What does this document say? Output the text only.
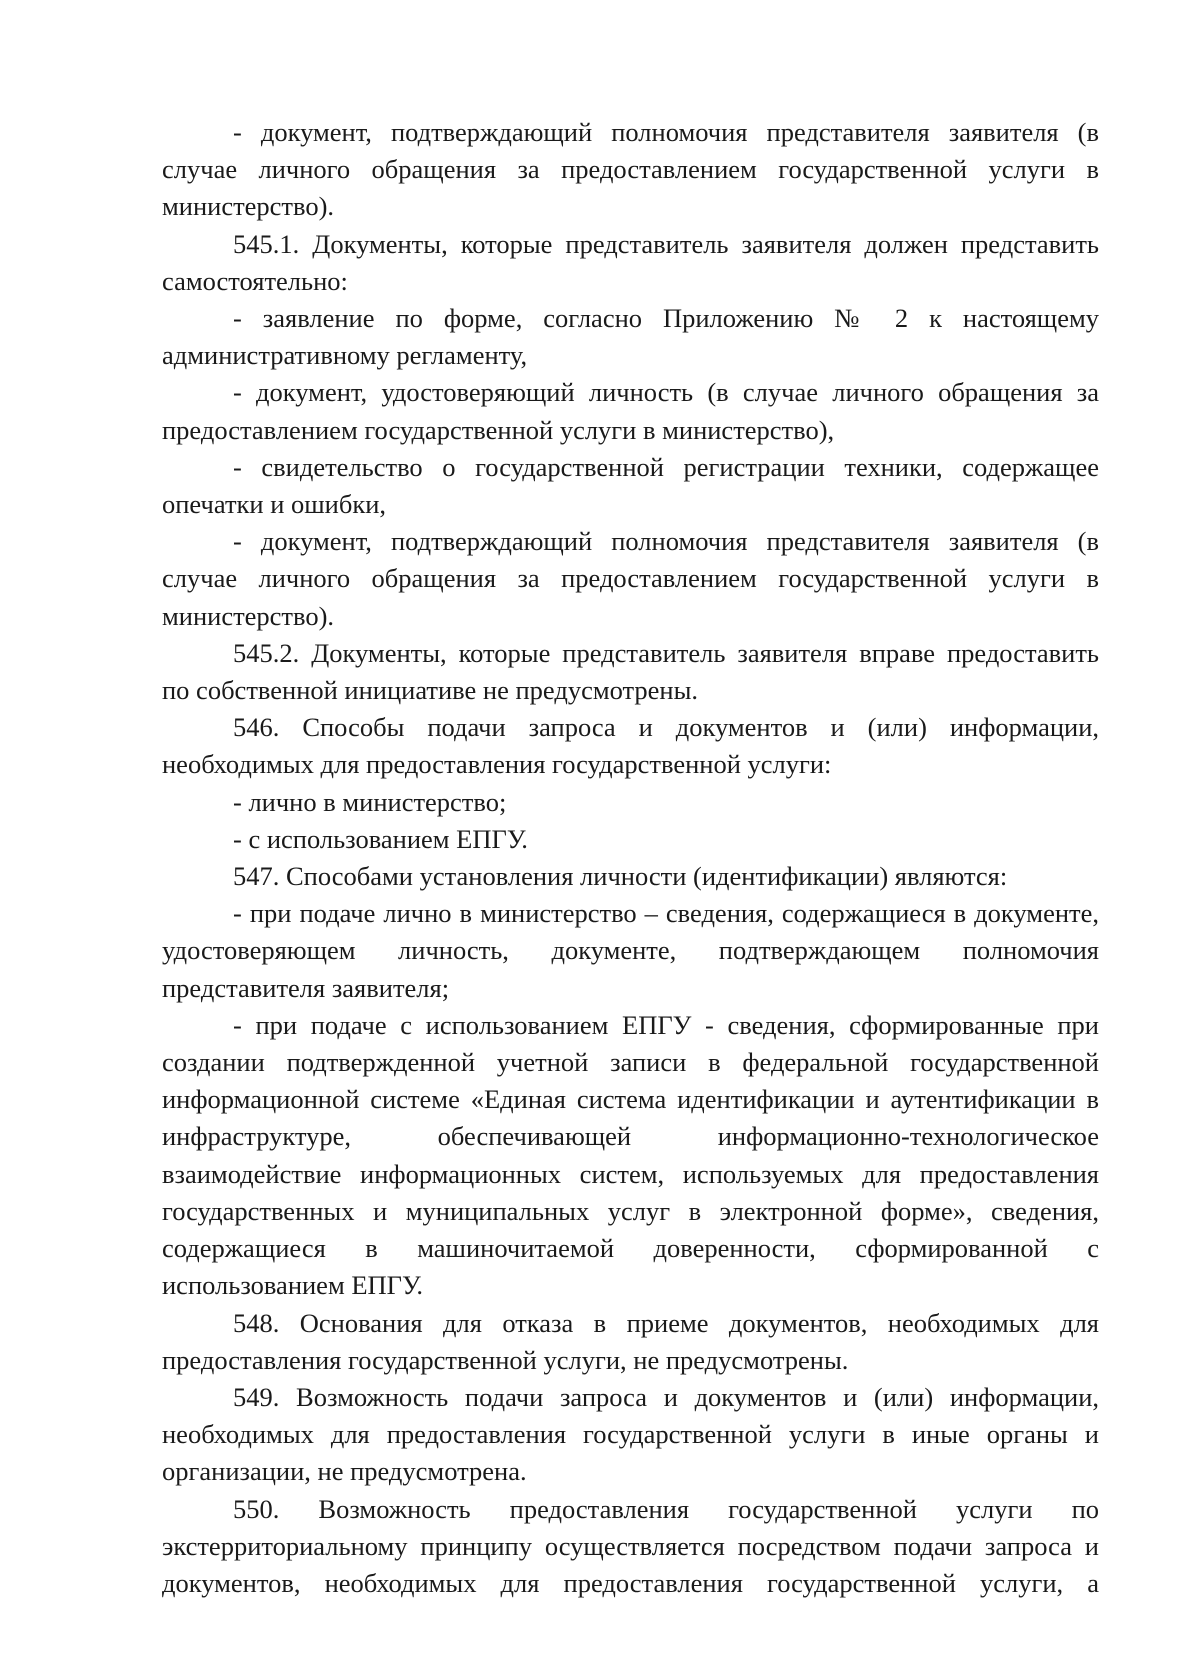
- документ, подтверждающий полномочия представителя заявителя (в случае личного обращения за предоставлением государственной услуги в министерство).

545.1. Документы, которые представитель заявителя должен представить самостоятельно:

- заявление по форме, согласно Приложению № 2 к настоящему административному регламенту,

- документ, удостоверяющий личность (в случае личного обращения за предоставлением государственной услуги в министерство),

- свидетельство о государственной регистрации техники, содержащее опечатки и ошибки,

- документ, подтверждающий полномочия представителя заявителя (в случае личного обращения за предоставлением государственной услуги в министерство).

545.2. Документы, которые представитель заявителя вправе предоставить по собственной инициативе не предусмотрены.

546. Способы подачи запроса и документов и (или) информации, необходимых для предоставления государственной услуги:

- лично в министерство;

- с использованием ЕПГУ.

547. Способами установления личности (идентификации) являются:

- при подаче лично в министерство – сведения, содержащиеся в документе, удостоверяющем личность, документе, подтверждающем полномочия представителя заявителя;

- при подаче с использованием ЕПГУ - сведения, сформированные при создании подтвержденной учетной записи в федеральной государственной информационной системе «Единая система идентификации и аутентификации в инфраструктуре, обеспечивающей информационно-технологическое взаимодействие информационных систем, используемых для предоставления государственных и муниципальных услуг в электронной форме», сведения, содержащиеся в машиночитаемой доверенности, сформированной с использованием ЕПГУ.

548. Основания для отказа в приеме документов, необходимых для предоставления государственной услуги, не предусмотрены.

549. Возможность подачи запроса и документов и (или) информации, необходимых для предоставления государственной услуги в иные органы и организации, не предусмотрена.

550. Возможность предоставления государственной услуги по экстерриториальному принципу осуществляется посредством подачи запроса и документов, необходимых для предоставления государственной услуги, а
